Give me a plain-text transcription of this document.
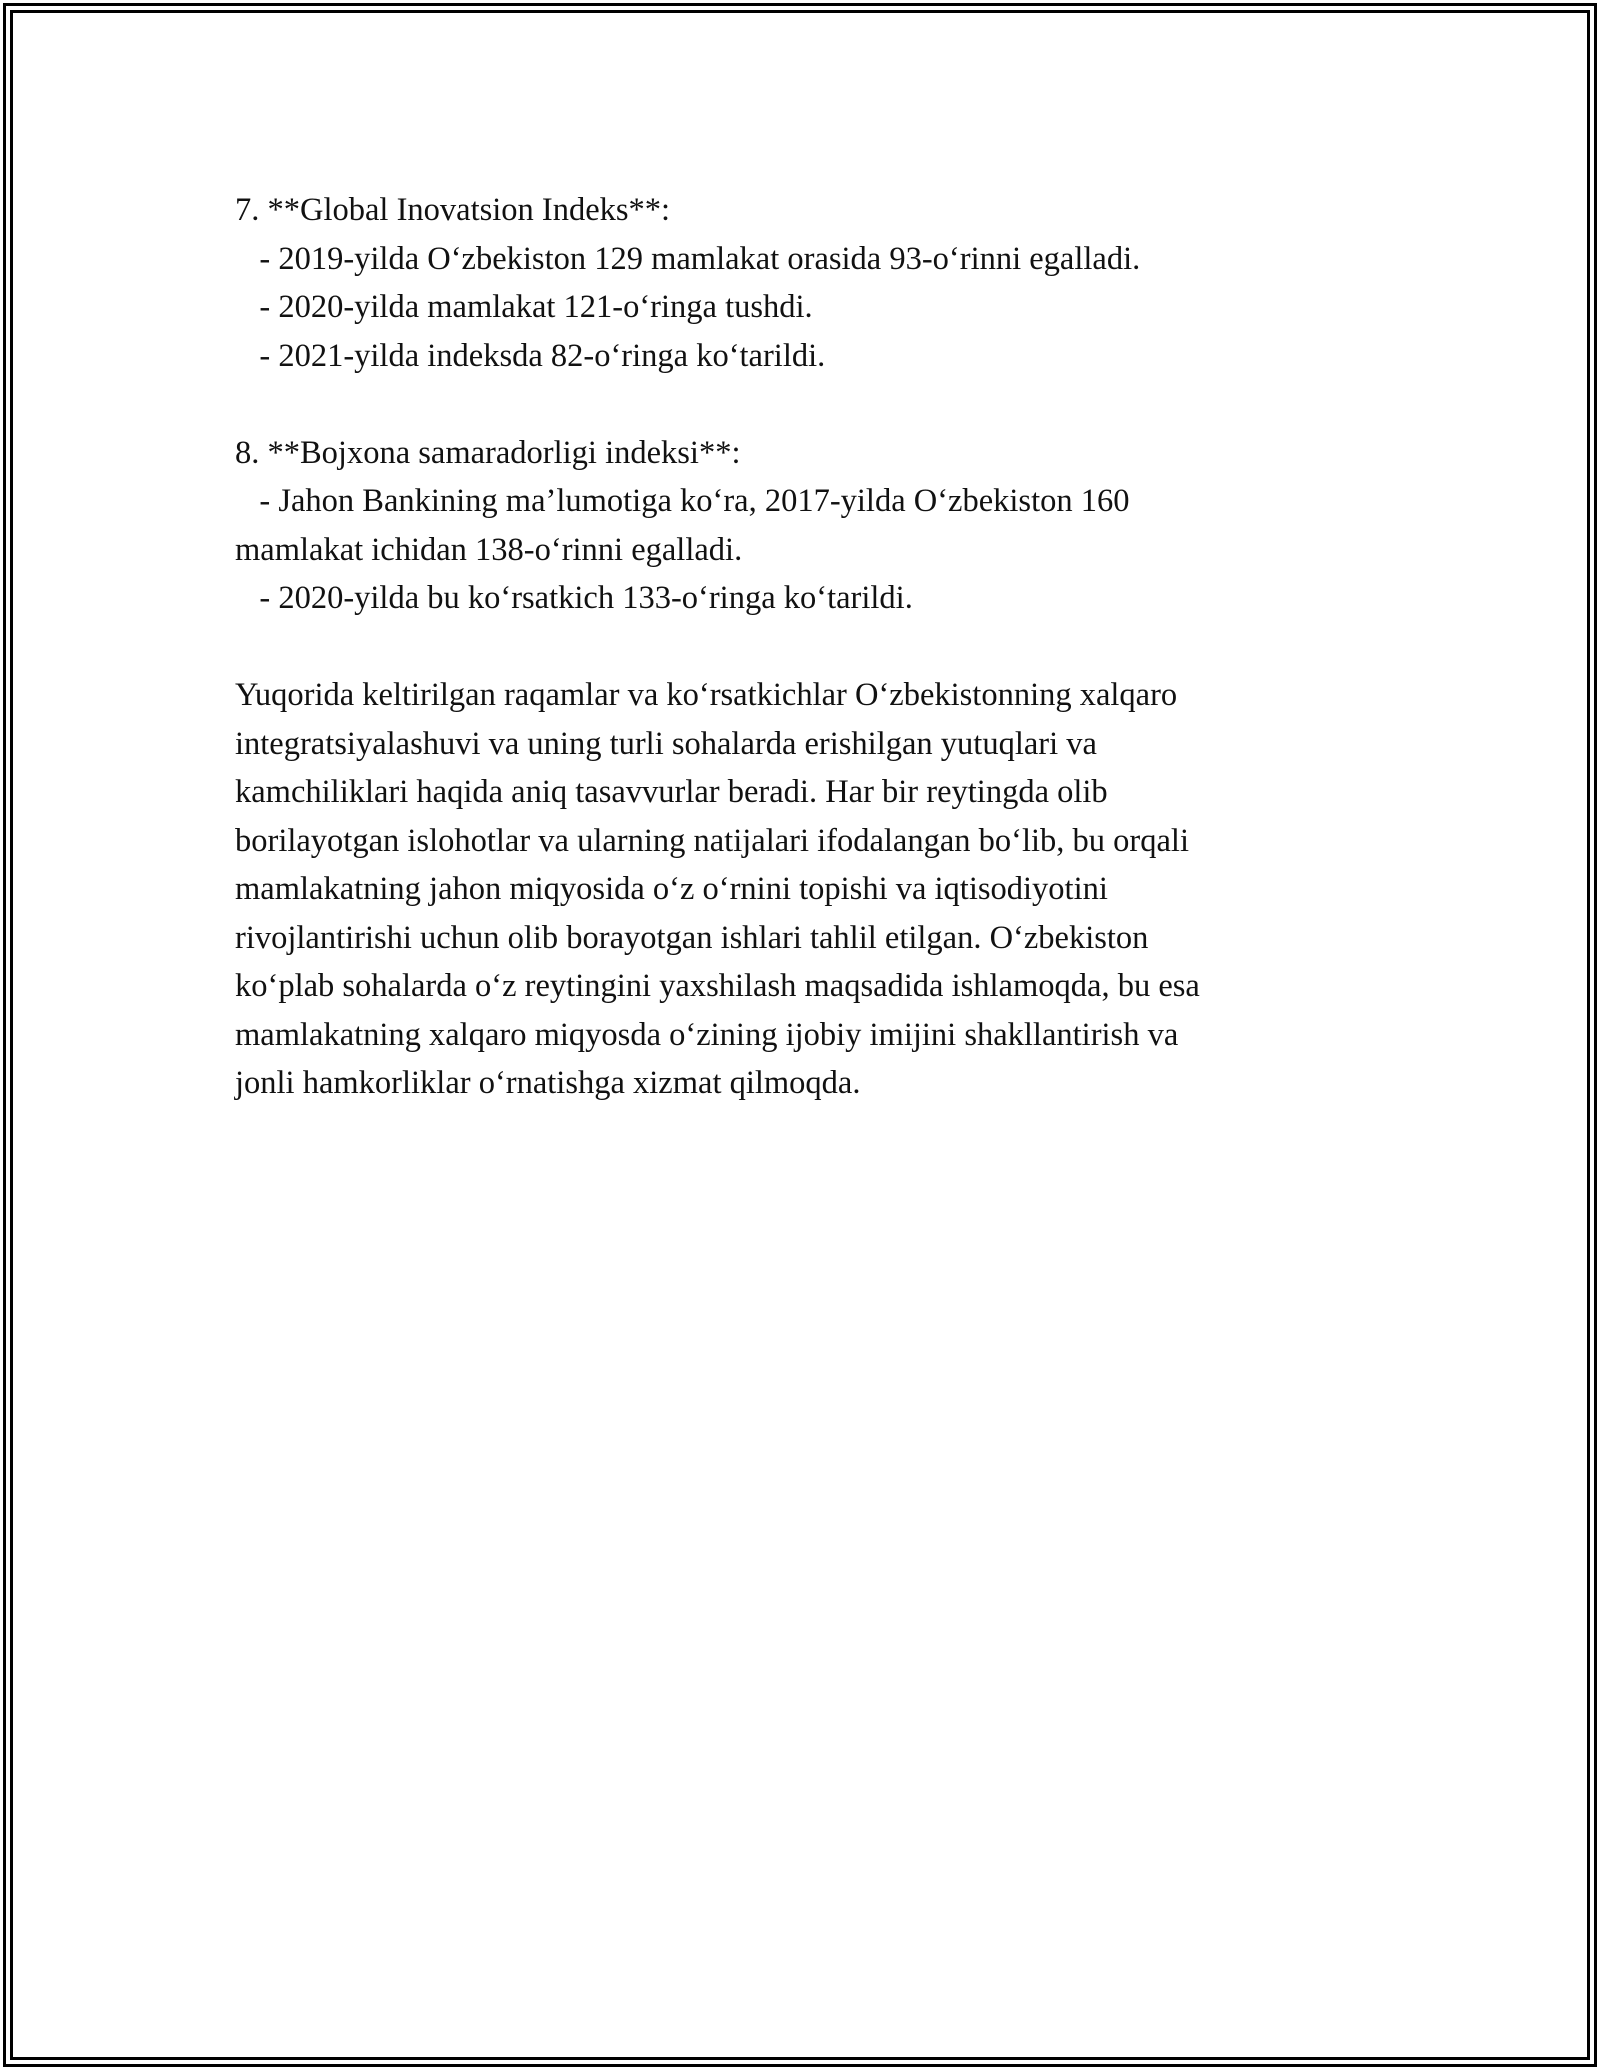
7. **Global Inovatsion Indeks**:
- 2019-yilda O‘zbekiston 129 mamlakat orasida 93-o‘rinni egalladi.
- 2020-yilda mamlakat 121-o‘ringa tushdi.
- 2021-yilda indeksda 82-o‘ringa ko‘tarildi.
8. **Bojxona samaradorligi indeksi**:
- Jahon Bankining ma’lumotiga ko‘ra, 2017-yilda O‘zbekiston 160
mamlakat ichidan 138-o‘rinni egalladi.
- 2020-yilda bu ko‘rsatkich 133-o‘ringa ko‘tarildi.
Yuqorida keltirilgan raqamlar va ko‘rsatkichlar O‘zbekistonning xalqaro
integratsiyalashuvi va uning turli sohalarda erishilgan yutuqlari va
kamchiliklari haqida aniq tasavvurlar beradi. Har bir reytingda olib
borilayotgan islohotlar va ularning natijalari ifodalangan bo‘lib, bu orqali
mamlakatning jahon miqyosida o‘z o‘rnini topishi va iqtisodiyotini
rivojlantirishi uchun olib borayotgan ishlari tahlil etilgan. O‘zbekiston
ko‘plab sohalarda o‘z reytingini yaxshilash maqsadida ishlamoqda, bu esa
mamlakatning xalqaro miqyosda o‘zining ijobiy imijini shakllantirish va
jonli hamkorliklar o‘rnatishga xizmat qilmoqda.
